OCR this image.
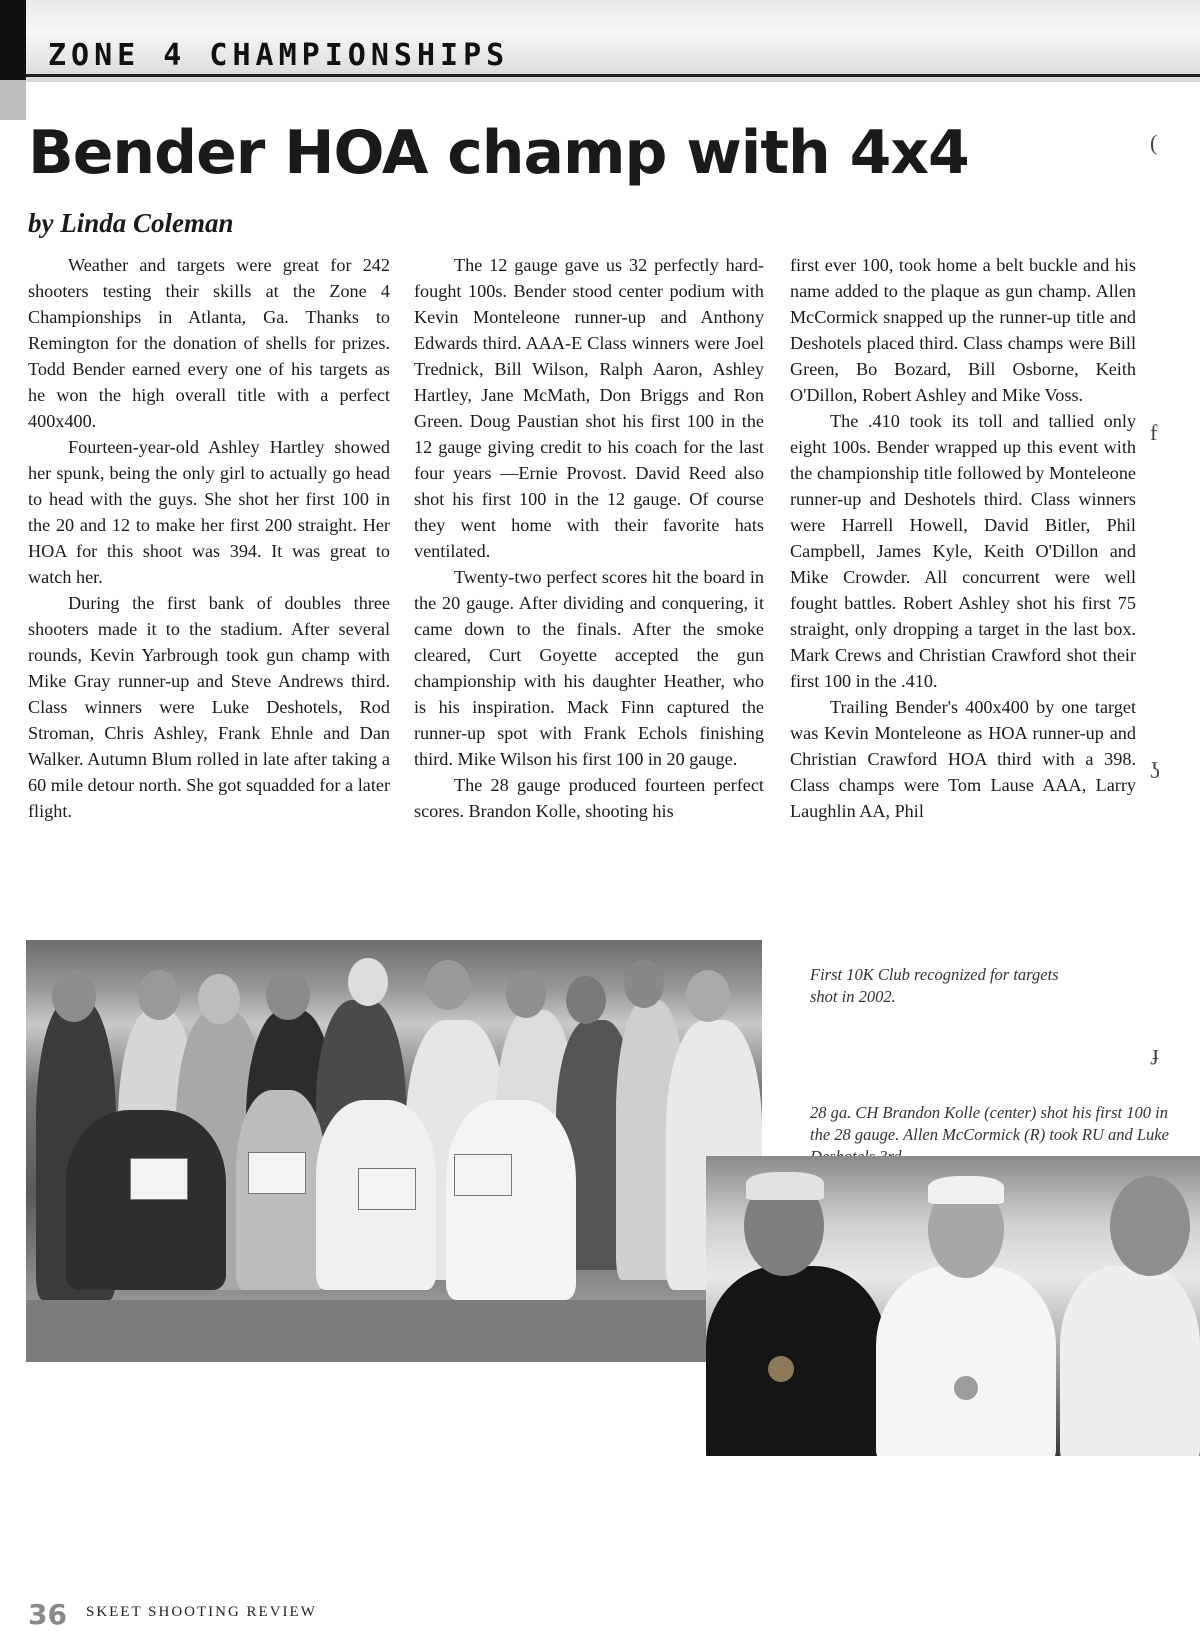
ZONE 4 CHAMPIONSHIPS
Bender HOA champ with 4x4
by Linda Coleman

Weather and targets were great for 242 shooters testing their skills at the Zone 4 Championships in Atlanta, Ga. Thanks to Remington for the donation of shells for prizes. Todd Bender earned every one of his targets as he won the high overall title with a perfect 400x400.

Fourteen-year-old Ashley Hartley showed her spunk, being the only girl to actually go head to head with the guys. She shot her first 100 in the 20 and 12 to make her first 200 straight. Her HOA for this shoot was 394. It was great to watch her.

During the first bank of doubles three shooters made it to the stadium. After several rounds, Kevin Yarbrough took gun champ with Mike Gray runner-up and Steve Andrews third. Class winners were Luke Deshotels, Rod Stroman, Chris Ashley, Frank Ehnle and Dan Walker. Autumn Blum rolled in late after taking a 60 mile detour north. She got squadded for a later flight.

The 12 gauge gave us 32 perfectly hard-fought 100s. Bender stood center podium with Kevin Monteleone runner-up and Anthony Edwards third. AAA-E Class winners were Joel Trednick, Bill Wilson, Ralph Aaron, Ashley Hartley, Jane McMath, Don Briggs and Ron Green. Doug Paustian shot his first 100 in the 12 gauge giving credit to his coach for the last four years —Ernie Provost. David Reed also shot his first 100 in the 12 gauge. Of course they went home with their favorite hats ventilated.

Twenty-two perfect scores hit the board in the 20 gauge. After dividing and conquering, it came down to the finals. After the smoke cleared, Curt Goyette accepted the gun championship with his daughter Heather, who is his inspiration. Mack Finn captured the runner-up spot with Frank Echols finishing third. Mike Wilson his first 100 in 20 gauge.

The 28 gauge produced fourteen perfect scores. Brandon Kolle, shooting his

first ever 100, took home a belt buckle and his name added to the plaque as gun champ. Allen McCormick snapped up the runner-up title and Deshotels placed third. Class champs were Bill Green, Bo Bozard, Bill Osborne, Keith O'Dillon, Robert Ashley and Mike Voss.

The .410 took its toll and tallied only eight 100s. Bender wrapped up this event with the championship title followed by Monteleone runner-up and Deshotels third. Class winners were Harrell Howell, David Bitler, Phil Campbell, James Kyle, Keith O'Dillon and Mike Crowder. All concurrent were well fought battles. Robert Ashley shot his first 75 straight, only dropping a target in the last box. Mark Crews and Christian Crawford shot their first 100 in the .410.

Trailing Bender's 400x400 by one target was Kevin Monteleone as HOA runner-up and Christian Crawford HOA third with a 398. Class champs were Tom Lause AAA, Larry Laughlin AA, Phil

First 10K Club recognized for targets shot in 2002.
28 ga. CH Brandon Kolle (center) shot his first 100 in the 28 gauge. Allen McCormick (R) took RU and Luke
(
f
ʖ
ɟ
36 SKEET SHOOTING REVIEW
